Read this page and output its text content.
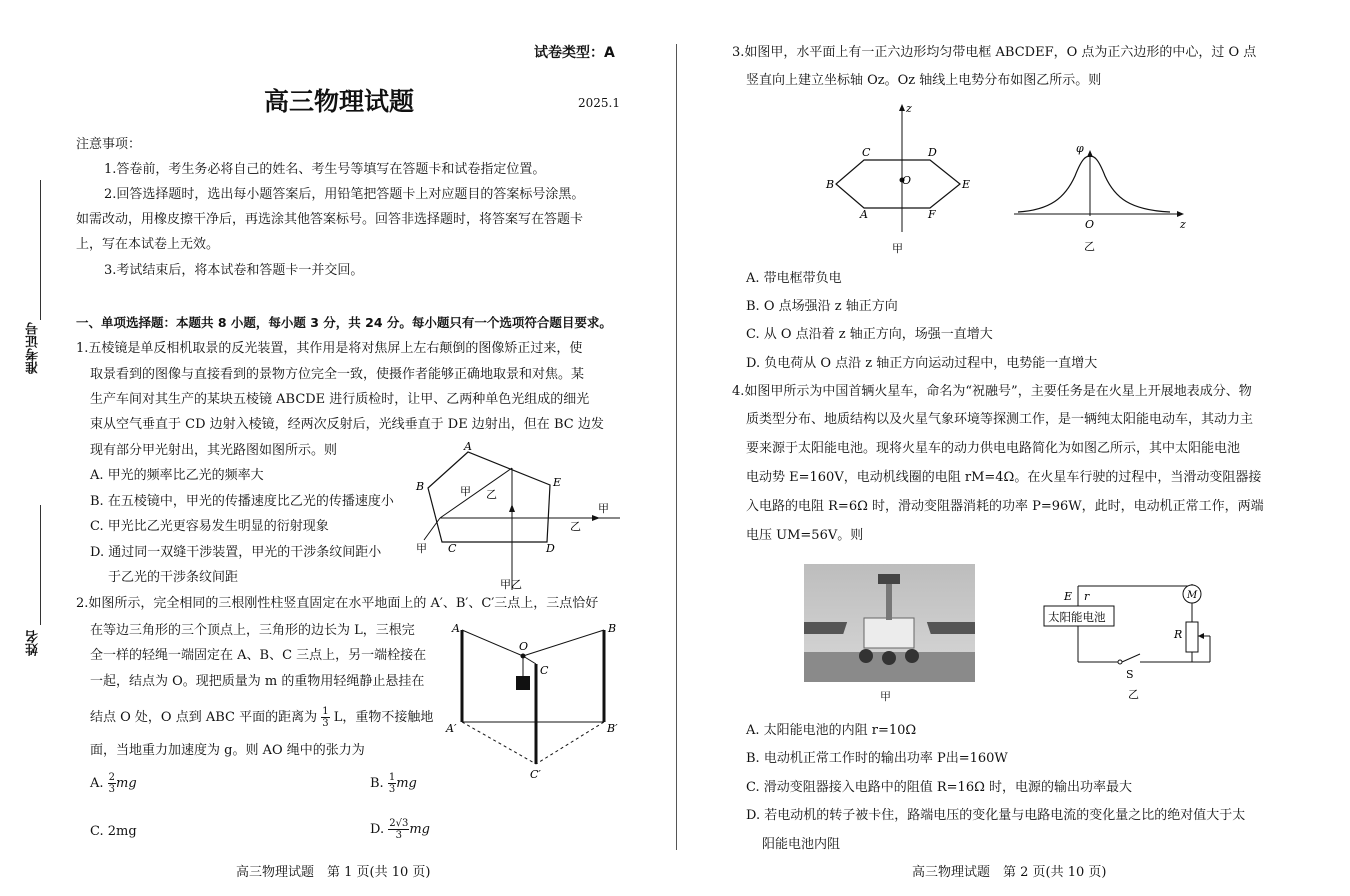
准考证号
姓名
试卷类型：A
高三物理试题	2025.1
注意事项：
1.答卷前，考生务必将自己的姓名、考生号等填写在答题卡和试卷指定位置。
2.回答选择题时，选出每小题答案后，用铅笔把答题卡上对应题目的答案标号涂黑。
如需改动，用橡皮擦干净后，再选涂其他答案标号。回答非选择题时，将答案写在答题卡
上，写在本试卷上无效。
3.考试结束后，将本试卷和答题卡一并交回。
一、单项选择题：本题共 8 小题，每小题 3 分，共 24 分。每小题只有一个选项符合题目要求。
1.五棱镜是单反相机取景的反光装置，其作用是将对焦屏上左右颠倒的图像矫正过来，使
取景看到的图像与直接看到的景物方位完全一致，使摄作者能够正确地取景和对焦。某
生产车间对其生产的某块五棱镜 ABCDE 进行质检时，让甲、乙两种单色光组成的细光
束从空气垂直于 CD 边射入棱镜，经两次反射后，光线垂直于 DE 边射出，但在 BC 边发
现有部分甲光射出，其光路图如图所示。则
A. 甲光的频率比乙光的频率大
B. 在五棱镜中，甲光的传播速度比乙光的传播速度小
C. 甲光比乙光更容易发生明显的衍射现象
D. 通过同一双缝干涉装置，甲光的干涉条纹间距小
于乙光的干涉条纹间距
A
B
C	D
E
甲 乙
甲
乙
甲
甲乙
2.如图所示，完全相同的三根刚性柱竖直固定在水平地面上的 A′、B′、C′三点上，三点恰好
在等边三角形的三个顶点上，三角形的边长为 L，三根完
全一样的轻绳一端固定在 A、B、C 三点上，另一端栓接在
一起，结点为 O。现把质量为 m 的重物用轻绳静止悬挂在
结点 O 处，O 点到 ABC 平面的距离为 $\frac{1}{3}$ L，重物不接触地
面，当地重力加速度为 g。则 AO 绳中的张力为
A. $\frac{2}{3}$ mg	B. $\frac{1}{3}$ mg
C. 2mg	D. $\frac{2√3}{3}$ mg
A	B
O
C
A′	B′
C′
3.如图甲，水平面上有一正六边形均匀带电框 ABCDEF，O 点为正六边形的中心，过 O 点
竖直向上建立坐标轴 Oz。Oz 轴线上电势分布如图乙所示。则
z
C	D
B	E
A	F
O
甲
φ
O	z
乙
A. 带电框带负电
B. O 点场强沿 z 轴正方向
C. 从 O 点沿着 z 轴正方向，场强一直增大
D. 负电荷从 O 点沿 z 轴正方向运动过程中，电势能一直增大
4.如图甲所示为中国首辆火星车，命名为“祝融号”，主要任务是在火星上开展地表成分、物
质类型分布、地质结构以及火星气象环境等探测工作，是一辆纯太阳能电动车，其动力主
要来源于太阳能电池。现将火星车的动力供电电路简化为如图乙所示，其中太阳能电池
电动势 E=160V，电动机线圈的电阻 rM=4Ω。在火星车行驶的过程中，当滑动变阻器接
入电路的电阻 R=6Ω 时，滑动变阻器消耗的功率 P=96W，此时，电动机正常工作，两端
电压 UM=56V。则
甲
太阳能电池
E r	M
R
S
乙
A. 太阳能电池的内阻 r=10Ω
B. 电动机正常工作时的输出功率 P出=160W
C. 滑动变阻器接入电路中的阻值 R=16Ω 时，电源的输出功率最大
D. 若电动机的转子被卡住，路端电压的变化量与电路电流的变化量之比的绝对值大于太
阳能电池内阻
高三物理试题　第 1 页(共 10 页)	高三物理试题　第 2 页(共 10 页)
